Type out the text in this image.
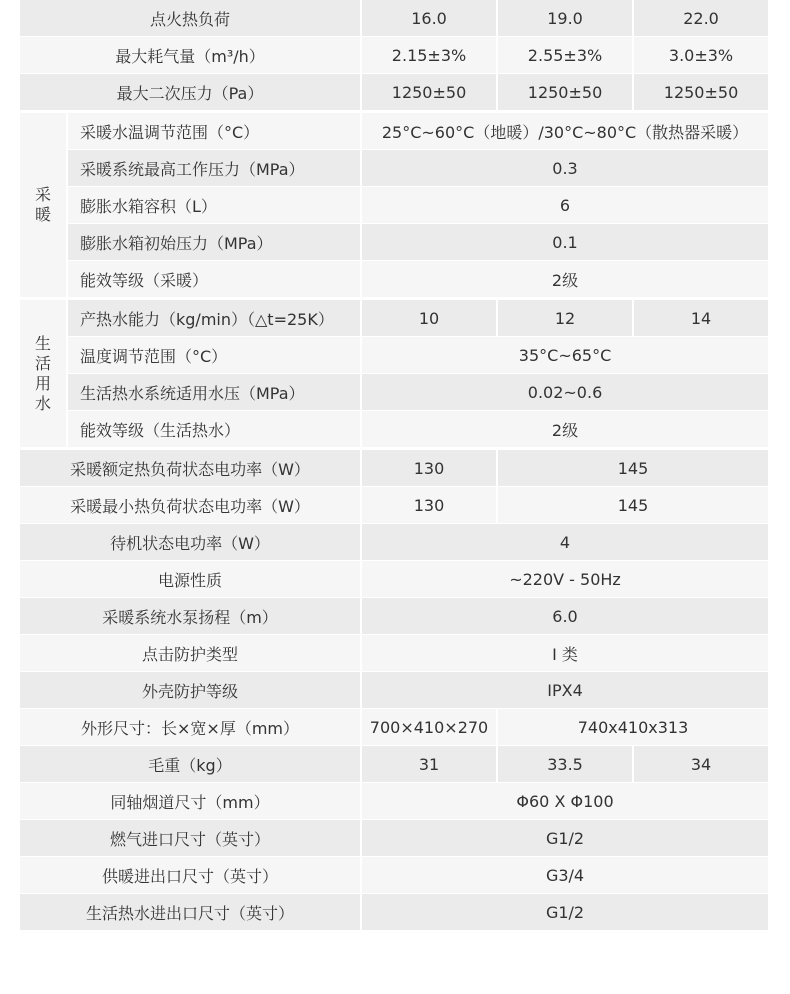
点火热负荷		16.0	19.0	22.0
最大耗气量（m³/h）		2.15±3%	2.55±3%	3.0±3%
最大二次压力（Pa）		1250±50	1250±50	1250±50

采
暖	采暖水温调节范围（°C）	25°C~60°C（地暖）/30°C~80°C（散热器采暖）		
	采暖系统最高工作压力（MPa）	0.3		
	膨胀水箱容积（L）	6		
	膨胀水箱初始压力（MPa）	0.1		
	能效等级（采暖）	2级		

生
活
用
水	产热水能力（kg/min）（△t=25K）	10	12	14
	温度调节范围（°C）	35°C~65°C		
	生活热水系统适用水压（MPa）	0.02~0.6		
	能效等级（生活热水）	2级		
采暖额定热负荷状态电功率（W）		130	145	
采暖最小热负荷状态电功率（W）		130	145	
待机状态电功率（W）		4		
电源性质		~220V - 50Hz		
采暖系统水泵扬程（m）		6.0		
点击防护类型		I 类		
外壳防护等级		IPX4		
外形尺寸：长×宽×厚（mm）		700×410×270	740x410x313	
毛重（kg）		31	33.5	34
同轴烟道尺寸（mm）		Φ60 X Φ100		
燃气进口尺寸（英寸）		G1/2		
供暖进出口尺寸（英寸）		G3/4		
生活热水进出口尺寸（英寸）		G1/2		
